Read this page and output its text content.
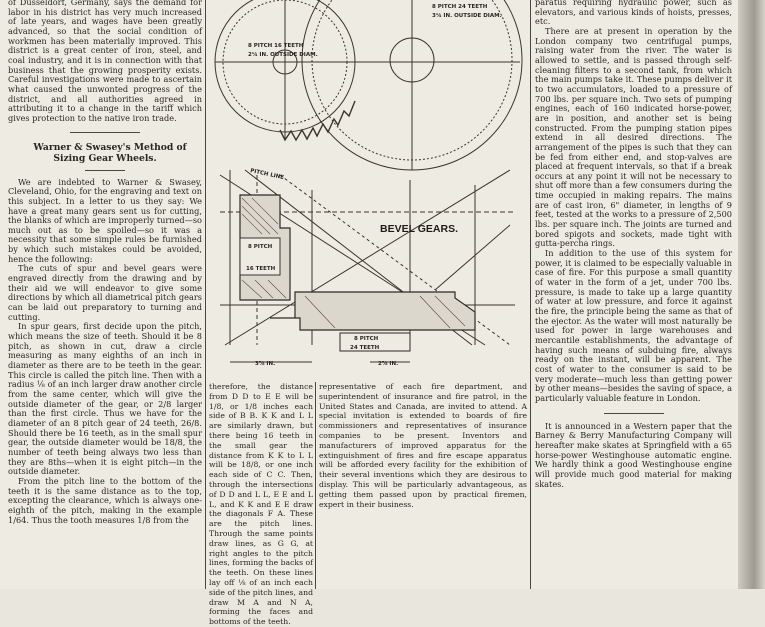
of Dusseldorf, Germany, says the demand for labor in his district has very much increased of late years, and wages have been greatly advanced, so that the social condition of workmen has been materially improved. This district is a great center of iron, steel, and coal industry, and it is in connection with that business that the growing prosperity exists. Careful investigations were made to ascertain what caused the unwonted progress of the district, and all authorities agreed in attributing it to a change in the tariff which gives protection to the native iron trade.

Warner & Swasey's Method of Sizing Gear Wheels.

We are indebted to Warner & Swasey, Cleveland, Ohio, for the engraving and text on this subject. In a letter to us they say: We have a great many gears sent us for cutting, the blanks of which are improperly turned—so much out as to be spoiled—so it was a necessity that some simple rules be furnished by which such mistakes could be avoided, hence the following:

The cuts of spur and bevel gears were engraved directly from the drawing and by their aid we will endeavor to give some directions by which all diametrical pitch gears can be laid out preparatory to turning and cutting.

In spur gears, first decide upon the pitch, which means the size of teeth. Should it be 8 pitch, as shown in cut, draw a circle measuring as many eighths of an inch in diameter as there are to be teeth in the gear. This circle is called the pitch line. Then with a radius ⅛ of an inch larger draw another circle from the same center, which will give the outside diameter of the gear, or 2/8 larger than the first circle. Thus we have for the diameter of an 8 pitch gear of 24 teeth, 26/8. Should there be 16 teeth, as in the small spur gear, the outside diameter would be 18/8, the number of teeth being always two less than they are 8ths—when it is eight pitch—in the outside diameter.

From the pitch line to the bottom of the teeth it is the same distance as to the top, excepting the clearance, which is always one-eighth of the pitch, making in the example 1/64. Thus the tooth measures 1/8 from the

8 PITCH 16 TEETH
2¼ IN. OUTSIDE DIAM.
8 PITCH 24 TEETH
3¼ IN. OUTSIDE DIAM.
PITCH LINE
8 PITCH
16 TEETH
8 PITCH
24 TEETH
3⅞ IN.	2⅞ IN.
BEVEL GEARS.

therefore, the distance from D D to E E will be 1/8, or 1/8 inches each side of B B. K K and L L are similarly drawn, but there being 16 teeth in the small gear the distance from K K to L L will be 18/8, or one inch each side of C C. Then, through the intersections of D D and L L, E E and L L, and K K and E E draw the diagonals F A. These are the pitch lines. Through the same points draw lines, as G G, at right angles to the pitch lines, forming the backs of the teeth. On these lines lay off ⅛ of an inch each side of the pitch lines, and draw M A and N A, forming the faces and bottoms of the teeth.

representative of each fire department, and superintendent of insurance and fire patrol, in the United States and Canada, are invited to attend. A special invitation is extended to boards of fire commissioners and representatives of insurance companies to be present. Inventors and manufacturers of improved apparatus for the extinguishment of fires and fire escape apparatus will be afforded every facility for the exhibition of their several inventions which they are desirous to display. This will be particularly advantageous, as getting them passed upon by practical firemen, expert in their business.

paratus requiring hydraulic power, such as elevators, and various kinds of hoists, presses, etc.

There are at present in operation by the London company two centrifugal pumps, raising water from the river. The water is allowed to settle, and is passed through self-cleaning filters to a second tank, from which the main pumps take it. These pumps deliver it to two accumulators, loaded to a pressure of 700 lbs. per square inch. Two sets of pumping engines, each of 160 indicated horse-power, are in position, and another set is being constructed. From the pumping station pipes extend in all desired directions. The arrangement of the pipes is such that they can be fed from either end, and stop-valves are placed at frequent intervals, so that if a break occurs at any point it will not be necessary to shut off more than a few consumers during the time occupied in making repairs. The mains are of cast iron, 6" diameter, in lengths of 9 feet, tested at the works to a pressure of 2,500 lbs. per square inch. The joints are turned and bored spigots and sockets, made tight with gutta-percha rings.

In addition to the use of this system for power, it is claimed to be especially valuable in case of fire. For this purpose a small quantity of water in the form of a jet, under 700 lbs. pressure, is made to take up a large quantity of water at low pressure, and force it against the fire, the principle being the same as that of the ejector. As the water will most naturally be used for power in large warehouses and mercantile establishments, the advantage of having such means of subduing fire, always ready on the instant, will be apparent. The cost of water to the consumer is said to be very moderate—much less than getting power by other means—besides the saving of space, a particularly valuable feature in London.

It is announced in a Western paper that the Barney & Berry Manufacturing Company will hereafter make skates at Springfield with a 65 horse-power Westinghouse automatic engine. We hardly think a good Westinghouse engine will provide much good material for making skates.
